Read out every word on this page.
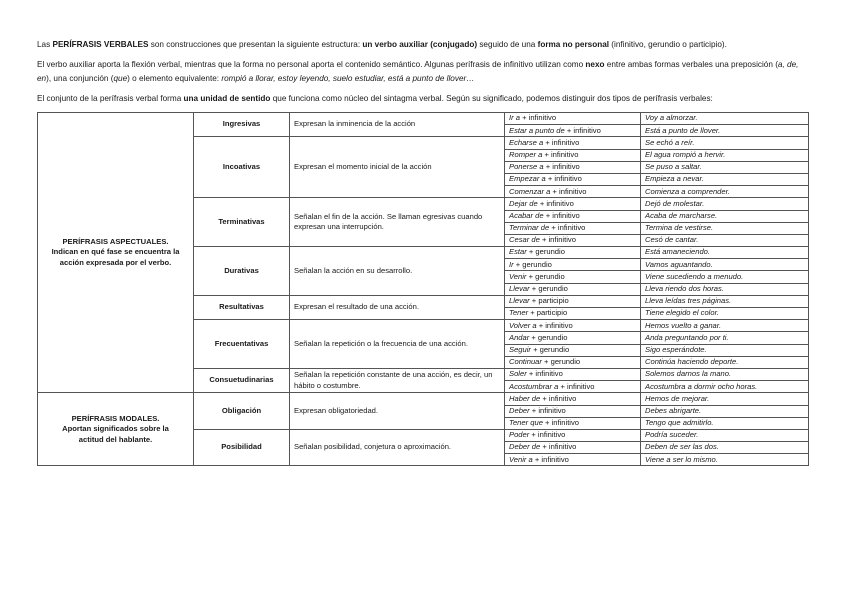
Las PERÍFRASIS VERBALES son construcciones que presentan la siguiente estructura: un verbo auxiliar (conjugado) seguido de una forma no personal (infinitivo, gerundio o participio).

El verbo auxiliar aporta la flexión verbal, mientras que la forma no personal aporta el contenido semántico. Algunas perífrasis de infinitivo utilizan como nexo entre ambas formas verbales una preposición (a, de, en), una conjunción (que) o elemento equivalente: rompió a llorar, estoy leyendo, suelo estudiar, está a punto de llover…

El conjunto de la perífrasis verbal forma una unidad de sentido que funciona como núcleo del sintagma verbal. Según su significado, podemos distinguir dos tipos de perífrasis verbales:

PERÍFRASIS ASPECTUALES.
Indican en qué fase se encuentra la acción expresada por el verbo.	Ingresivas	Expresan la inminencia de la acción	Ir a + infinitivo	Voy a almorzar.
			Estar a punto de + infinitivo	Está a punto de llover.
	Incoativas	Expresan el momento inicial de la acción	Echarse a + infinitivo	Se echó a reír.
			Romper a + infinitivo	El agua rompió a hervir.
			Ponerse a + infinitivo	Se puso a saltar.
			Empezar a + infinitivo	Empieza a nevar.
			Comenzar a + infinitivo	Comienza a comprender.
	Terminativas	Señalan el fin de la acción. Se llaman egresivas cuando expresan una interrupción.	Dejar de + infinitivo	Dejó de molestar.
			Acabar de + infinitivo	Acaba de marcharse.
			Terminar de + infinitivo	Termina de vestirse.
			Cesar de + infinitivo	Cesó de cantar.
	Durativas	Señalan la acción en su desarrollo.	Estar + gerundio	Está amaneciendo.
			Ir + gerundio	Vamos aguantando.
			Venir + gerundio	Viene sucediendo a menudo.
			Llevar + gerundio	Lleva riendo dos horas.
	Resultativas	Expresan el resultado de una acción.	Llevar + participio	Lleva leídas tres páginas.
			Tener + participio	Tiene elegido el color.
	Frecuentativas	Señalan la repetición o la frecuencia de una acción.	Volver a + infinitivo	Hemos vuelto a ganar.
			Andar + gerundio	Anda preguntando por ti.
			Seguir + gerundio	Sigo esperándote.
			Continuar + gerundio	Continúa haciendo deporte.
	Consuetudinarias	Señalan la repetición constante de una acción, es decir, un hábito o costumbre.	Soler + infinitivo	Solemos darnos la mano.
			Acostumbrar a + infinitivo	Acostumbra a dormir ocho horas.

PERÍFRASIS MODALES.
Aportan significados sobre la actitud del hablante.	Obligación	Expresan obligatoriedad.	Haber de + infinitivo	Hemos de mejorar.
			Deber + infinitivo	Debes abrigarte.
			Tener que + infinitivo	Tengo que admitirlo.
	Posibilidad	Señalan posibilidad, conjetura o aproximación.	Poder + infinitivo	Podría suceder.
			Deber de + infinitivo	Deben de ser las dos.
			Venir a + infinitivo	Viene a ser lo mismo.
